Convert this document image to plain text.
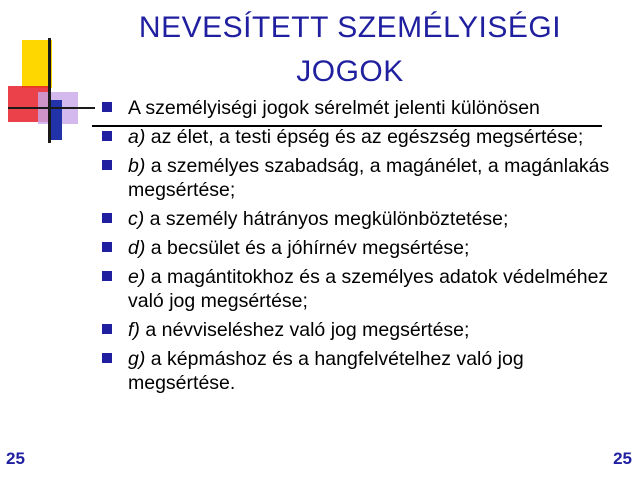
NEVESÍTETT SZEMÉLYISÉGI
JOGOK
A személyiségi jogok sérelmét jelenti különösen
a) az élet, a testi épség és az egészség megsértése;
b) a személyes szabadság, a magánélet, a magánlakás megsértése;
c) a személy hátrányos megkülönböztetése;
d) a becsület és a jóhírnév megsértése;
e) a magántitokhoz és a személyes adatok védelméhez való jog megsértése;
f) a névviseléshez való jog megsértése;
g) a képmáshoz és a hangfelvételhez való jog megsértése.
25	25
